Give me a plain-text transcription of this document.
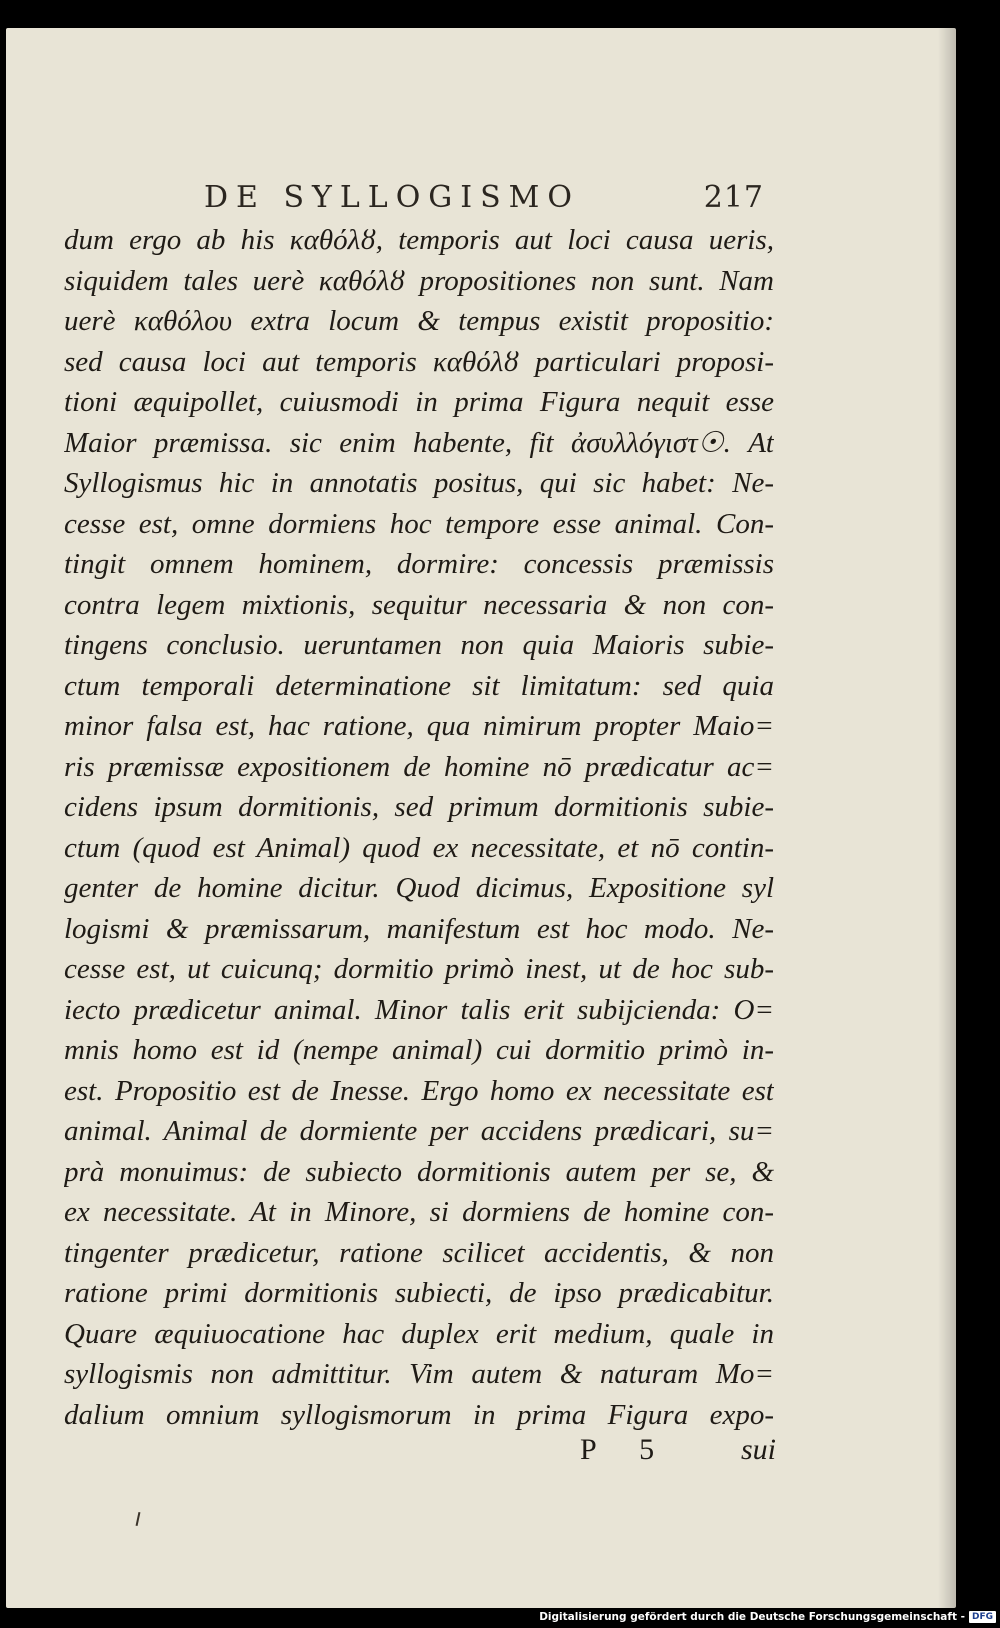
DE SYLLOGISMO	217
dum ergo ab his καθόλȣ, temporis aut loci causa ueris,
siquidem tales uerè καθόλȣ propositiones non sunt. Nam
uerè καθόλου extra locum & tempus existit propositio:
sed causa loci aut temporis καθόλȣ particulari proposi-
tioni æquipollet, cuiusmodi in prima Figura nequit esse
Maior præmissa. sic enim habente, fit ἀσυλλόγιστ☉. At
Syllogismus hic in annotatis positus, qui sic habet: Ne-
cesse est, omne dormiens hoc tempore esse animal. Con-
tingit omnem hominem, dormire: concessis præmissis
contra legem mixtionis, sequitur necessaria & non con-
tingens conclusio. ueruntamen non quia Maioris subie-
ctum temporali determinatione sit limitatum: sed quia
minor falsa est, hac ratione, qua nimirum propter Maio=
ris præmissæ expositionem de homine nō prædicatur ac=
cidens ipsum dormitionis, sed primum dormitionis subie-
ctum (quod est Animal) quod ex necessitate, et nō contin-
genter de homine dicitur. Quod dicimus, Expositione syl
logismi & præmissarum, manifestum est hoc modo. Ne-
cesse est, ut cuicunq; dormitio primò inest, ut de hoc sub-
iecto prædicetur animal. Minor talis erit subijcienda: O=
mnis homo est id (nempe animal) cui dormitio primò in-
est. Propositio est de Inesse. Ergo homo ex necessitate est
animal. Animal de dormiente per accidens prædicari, su=
prà monuimus: de subiecto dormitionis autem per se, &
ex necessitate. At in Minore, si dormiens de homine con-
tingenter prædicetur, ratione scilicet accidentis, & non
ratione primi dormitionis subiecti, de ipso prædicabitur.
Quare æquiuocatione hac duplex erit medium, quale in
syllogismis non admittitur. Vim autem & naturam Mo=
dalium omnium syllogismorum in prima Figura expo-
P 5 sui
Digitalisierung gefördert durch die Deutsche Forschungsgemeinschaft - DFG
